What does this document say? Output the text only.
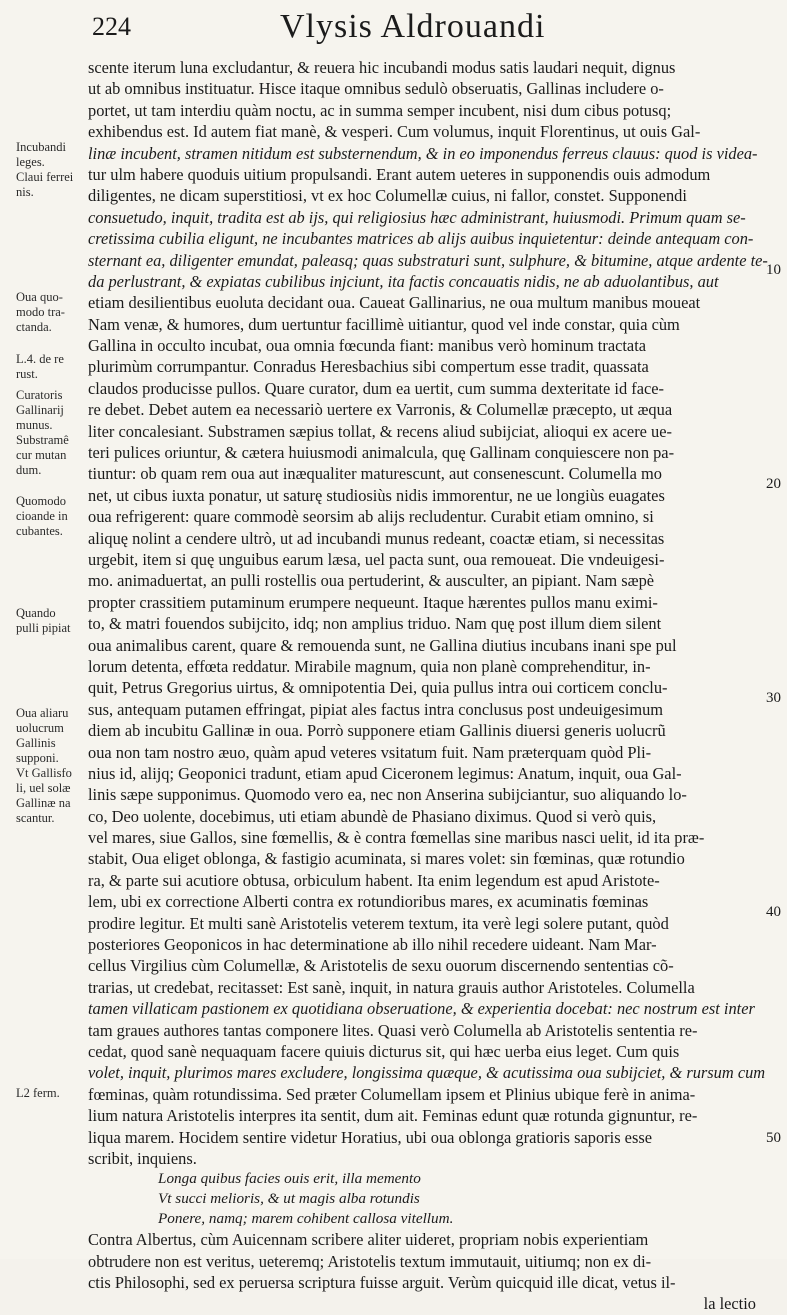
224	Vlysis Aldrouandi
Incubandi
leges.
Claui ferrei
nis.
Oua quo-
modo tra-
ctanda.
L.4. de re
rust.
Curatoris
Gallinarij
munus.
Substramê
cur mutan
dum.
Quomodo
cioande in
cubantes.
Quando
pulli pipiat
Oua aliaru
uolucrum
Gallinis
supponi.
Vt Gallisfo
li, uel solæ
Gallinæ na
scantur.
L2 ferm.
10
20
30
40
50
scente iterum luna excludantur, & reuera hic incubandi modus satis laudari nequit, dignus
ut ab omnibus instituatur. Hisce itaque omnibus sedulò obseruatis, Gallinas includere o-
portet, ut tam interdiu quàm noctu, ac in summa semper incubent, nisi dum cibus potusq;
exhibendus est. Id autem fiat manè, & vesperi. Cum volumus, inquit Florentinus, ut ouis Gal-
linæ incubent, stramen nitidum est substernendum, & in eo imponendus ferreus clauus: quod is videa-
tur ulm habere quoduis uitium propulsandi. Erant autem ueteres in supponendis ouis admodum
diligentes, ne dicam superstitiosi, vt ex hoc Columellæ cuius, ni fallor, constet. Supponendi
consuetudo, inquit, tradita est ab ijs, qui religiosius hæc administrant, huiusmodi. Primum quam se-
cretissima cubilia eligunt, ne incubantes matrices ab alijs auibus inquietentur: deinde antequam con-
sternant ea, diligenter emundat, paleasq; quas substraturi sunt, sulphure, & bitumine, atque ardente te-
da perlustrant, & expiatas cubilibus injciunt, ita factis concauatis nidis, ne ab aduolantibus, aut
etiam desilientibus euoluta decidant oua. Caueat Gallinarius, ne oua multum manibus moueat
Nam venæ, & humores, dum uertuntur facillimè uitiantur, quod vel inde constar, quia cùm
Gallina in occulto incubat, oua omnia fœcunda fiant: manibus verò hominum tractata
plurimùm corrumpantur. Conradus Heresbachius sibi compertum esse tradit, quassata
claudos producisse pullos. Quare curator, dum ea uertit, cum summa dexteritate id face-
re debet. Debet autem ea necessariò uertere ex Varronis, & Columellæ præcepto, ut æqua
liter concalesiant. Substramen sæpius tollat, & recens aliud subijciat, alioqui ex acere ue-
teri pulices oriuntur, & cætera huiusmodi animalcula, quę Gallinam conquiescere non pa-
tiuntur: ob quam rem oua aut inæqualiter maturescunt, aut consenescunt. Columella mo
net, ut cibus iuxta ponatur, ut saturę studiosiùs nidis immorentur, ne ue longiùs euagates
oua refrigerent: quare commodè seorsim ab alijs recludentur. Curabit etiam omnino, si
aliquę nolint a cendere ultrò, ut ad incubandi munus redeant, coactæ etiam, si necessitas
urgebit, item si quę unguibus earum læsa, uel pacta sunt, oua remoueat. Die vndeuigesi-
mo. animaduertat, an pulli rostellis oua pertuderint, & ausculter, an pipiant. Nam sæpè
propter crassitiem putaminum erumpere nequeunt. Itaque hærentes pullos manu eximi-
to, & matri fouendos subijcito, idq; non amplius triduo. Nam quę post illum diem silent
oua animalibus carent, quare & remouenda sunt, ne Gallina diutius incubans inani spe pul
lorum detenta, effœta reddatur. Mirabile magnum, quia non planè comprehenditur, in-
quit, Petrus Gregorius uirtus, & omnipotentia Dei, quia pullus intra oui corticem conclu-
sus, antequam putamen effringat, pipiat ales factus intra conclusus post undeuigesimum
diem ab incubitu Gallinæ in oua. Porrò supponere etiam Gallinis diuersi generis uolucrũ
oua non tam nostro æuo, quàm apud veteres vsitatum fuit. Nam præterquam quòd Pli-
nius id, alijq; Geoponici tradunt, etiam apud Ciceronem legimus: Anatum, inquit, oua Gal-
linis sæpe supponimus. Quomodo vero ea, nec non Anserina subijciantur, suo aliquando lo-
co, Deo uolente, docebimus, uti etiam abundè de Phasiano diximus. Quod si verò quis,
vel mares, siue Gallos, sine fœmellis, & è contra fœmellas sine maribus nasci uelit, id ita præ-
stabit, Oua eliget oblonga, & fastigio acuminata, si mares volet: sin fœminas, quæ rotundio
ra, & parte sui acutiore obtusa, orbiculum habent. Ita enim legendum est apud Aristote-
lem, ubi ex correctione Alberti contra ex rotundioribus mares, ex acuminatis fœminas
prodire legitur. Et multi sanè Aristotelis veterem textum, ita verè legi solere putant, quòd
posteriores Geoponicos in hac determinatione ab illo nihil recedere uideant. Nam Mar-
cellus Virgilius cùm Columellæ, & Aristotelis de sexu ouorum discernendo sententias cõ-
trarias, ut credebat, recitasset: Est sanè, inquit, in natura grauis author Aristoteles. Columella
tamen villaticam pastionem ex quotidiana obseruatione, & experientia docebat: nec nostrum est inter
tam graues authores tantas componere lites. Quasi verò Columella ab Aristotelis sententia re-
cedat, quod sanè nequaquam facere quiuis dicturus sit, qui hæc uerba eius leget. Cum quis
volet, inquit, plurimos mares excludere, longissima quæque, & acutissima oua subijciet, & rursum cum
fœminas, quàm rotundissima. Sed præter Columellam ipsem et Plinius ubique ferè in anima-
lium natura Aristotelis interpres ita sentit, dum ait. Feminas edunt quæ rotunda gignuntur, re-
liqua marem. Hocidem sentire videtur Horatius, ubi oua oblonga gratioris saporis esse
scribit, inquiens.
Longa quibus facies ouis erit, illa memento
Vt succi melioris, & ut magis alba rotundis
Ponere, namq; marem cohibent callosa vitellum.
Contra Albertus, cùm Auicennam scribere aliter uideret, propriam nobis experientiam
obtrudere non est veritus, ueteremq; Aristotelis textum immutauit, uitiumq; non ex di-
ctis Philosophi, sed ex peruersa scriptura fuisse arguit. Verùm quicquid ille dicat, vetus il-
la lectio
